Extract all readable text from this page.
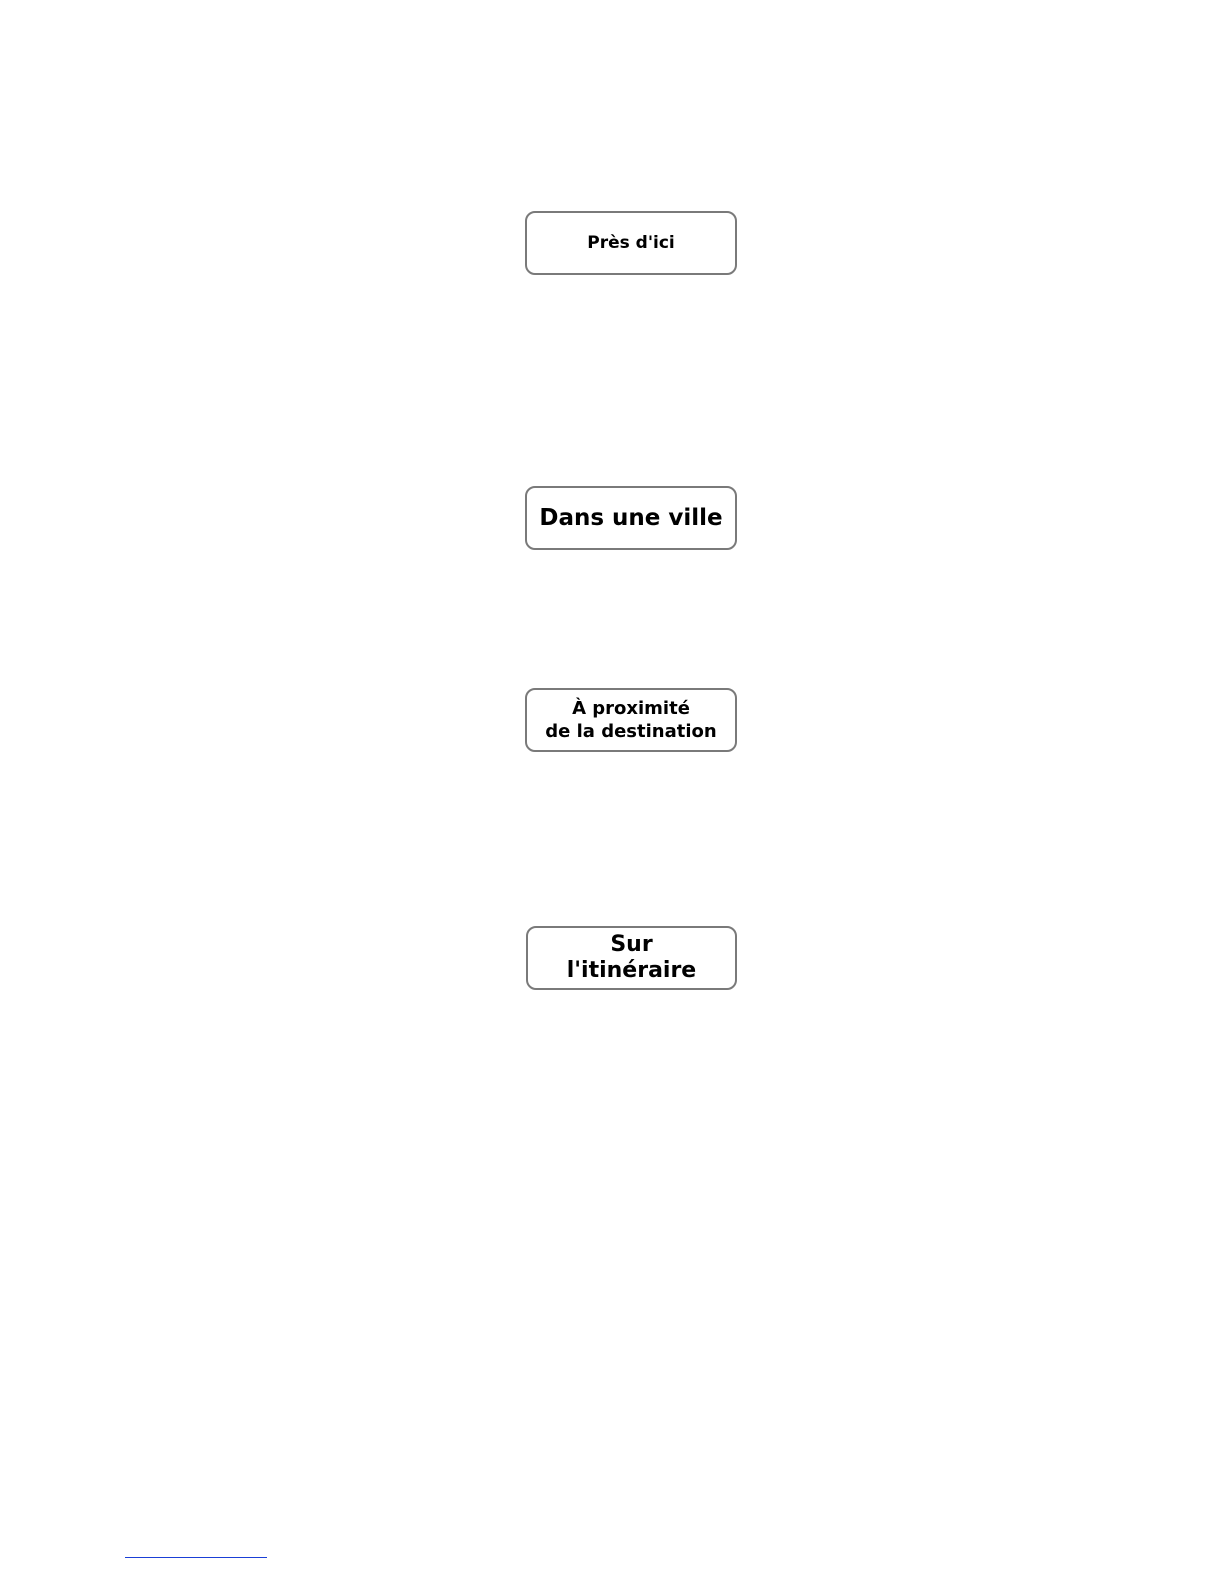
Près d'ici
Dans une ville
À proximité
de la destination
Sur
l'itinéraire
